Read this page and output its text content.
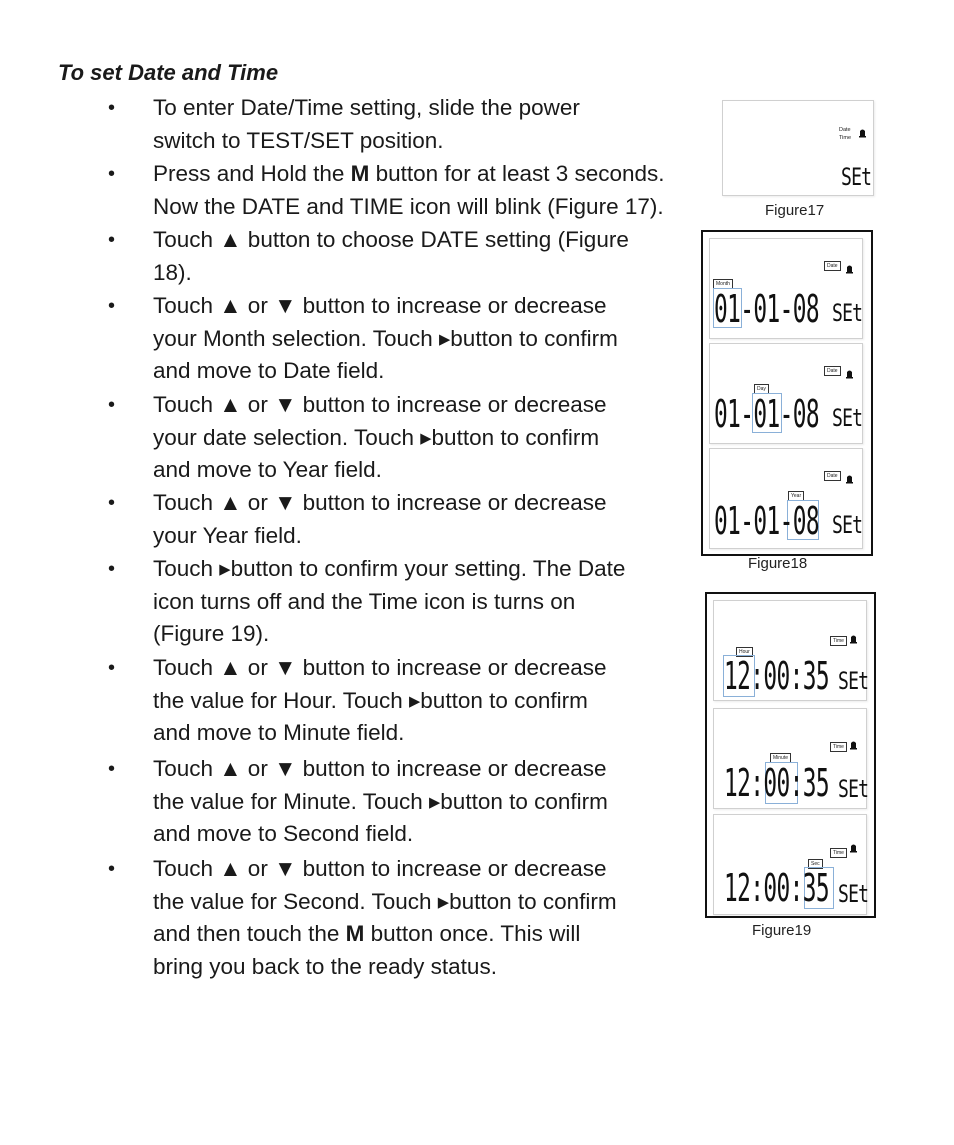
To set Date and Time
• To enter Date/Time setting, slide the power
switch to TEST/SET position.
• Press and Hold the M button for at least 3 seconds.
Now the DATE and TIME icon will blink (Figure 17).
• Touch ▲ button to choose DATE setting (Figure
18).
• Touch ▲ or ▼ button to increase or decrease
your Month selection. Touch ▸button to confirm
and move to Date field.
• Touch ▲ or ▼ button to increase or decrease
your date selection. Touch ▸button to confirm
and move to Year field.
• Touch ▲ or ▼ button to increase or decrease
your Year field.
• Touch ▸button to confirm your setting. The Date
icon turns off and the Time icon is turns on
(Figure 19).
• Touch ▲ or ▼ button to increase or decrease
the value for Hour. Touch ▸button to confirm
and move to Minute field.
• Touch ▲ or ▼ button to increase or decrease
the value for Minute. Touch ▸button to confirm
and move to Second field.
• Touch ▲ or ▼ button to increase or decrease
the value for Second. Touch ▸button to confirm
and then touch the M button once. This will
bring you back to the ready status.
Date
Time
SEt
Figure17
Month
Date
01-01-08 SEt
Day
Date
01-01-08 SEt
Year
Date
01-01-08 SEt
Figure18
Hour
Time
12:00:35 SEt
Minute
Time
12:00:35 SEt
Sec
Time
12:00:35 SEt
Figure19
